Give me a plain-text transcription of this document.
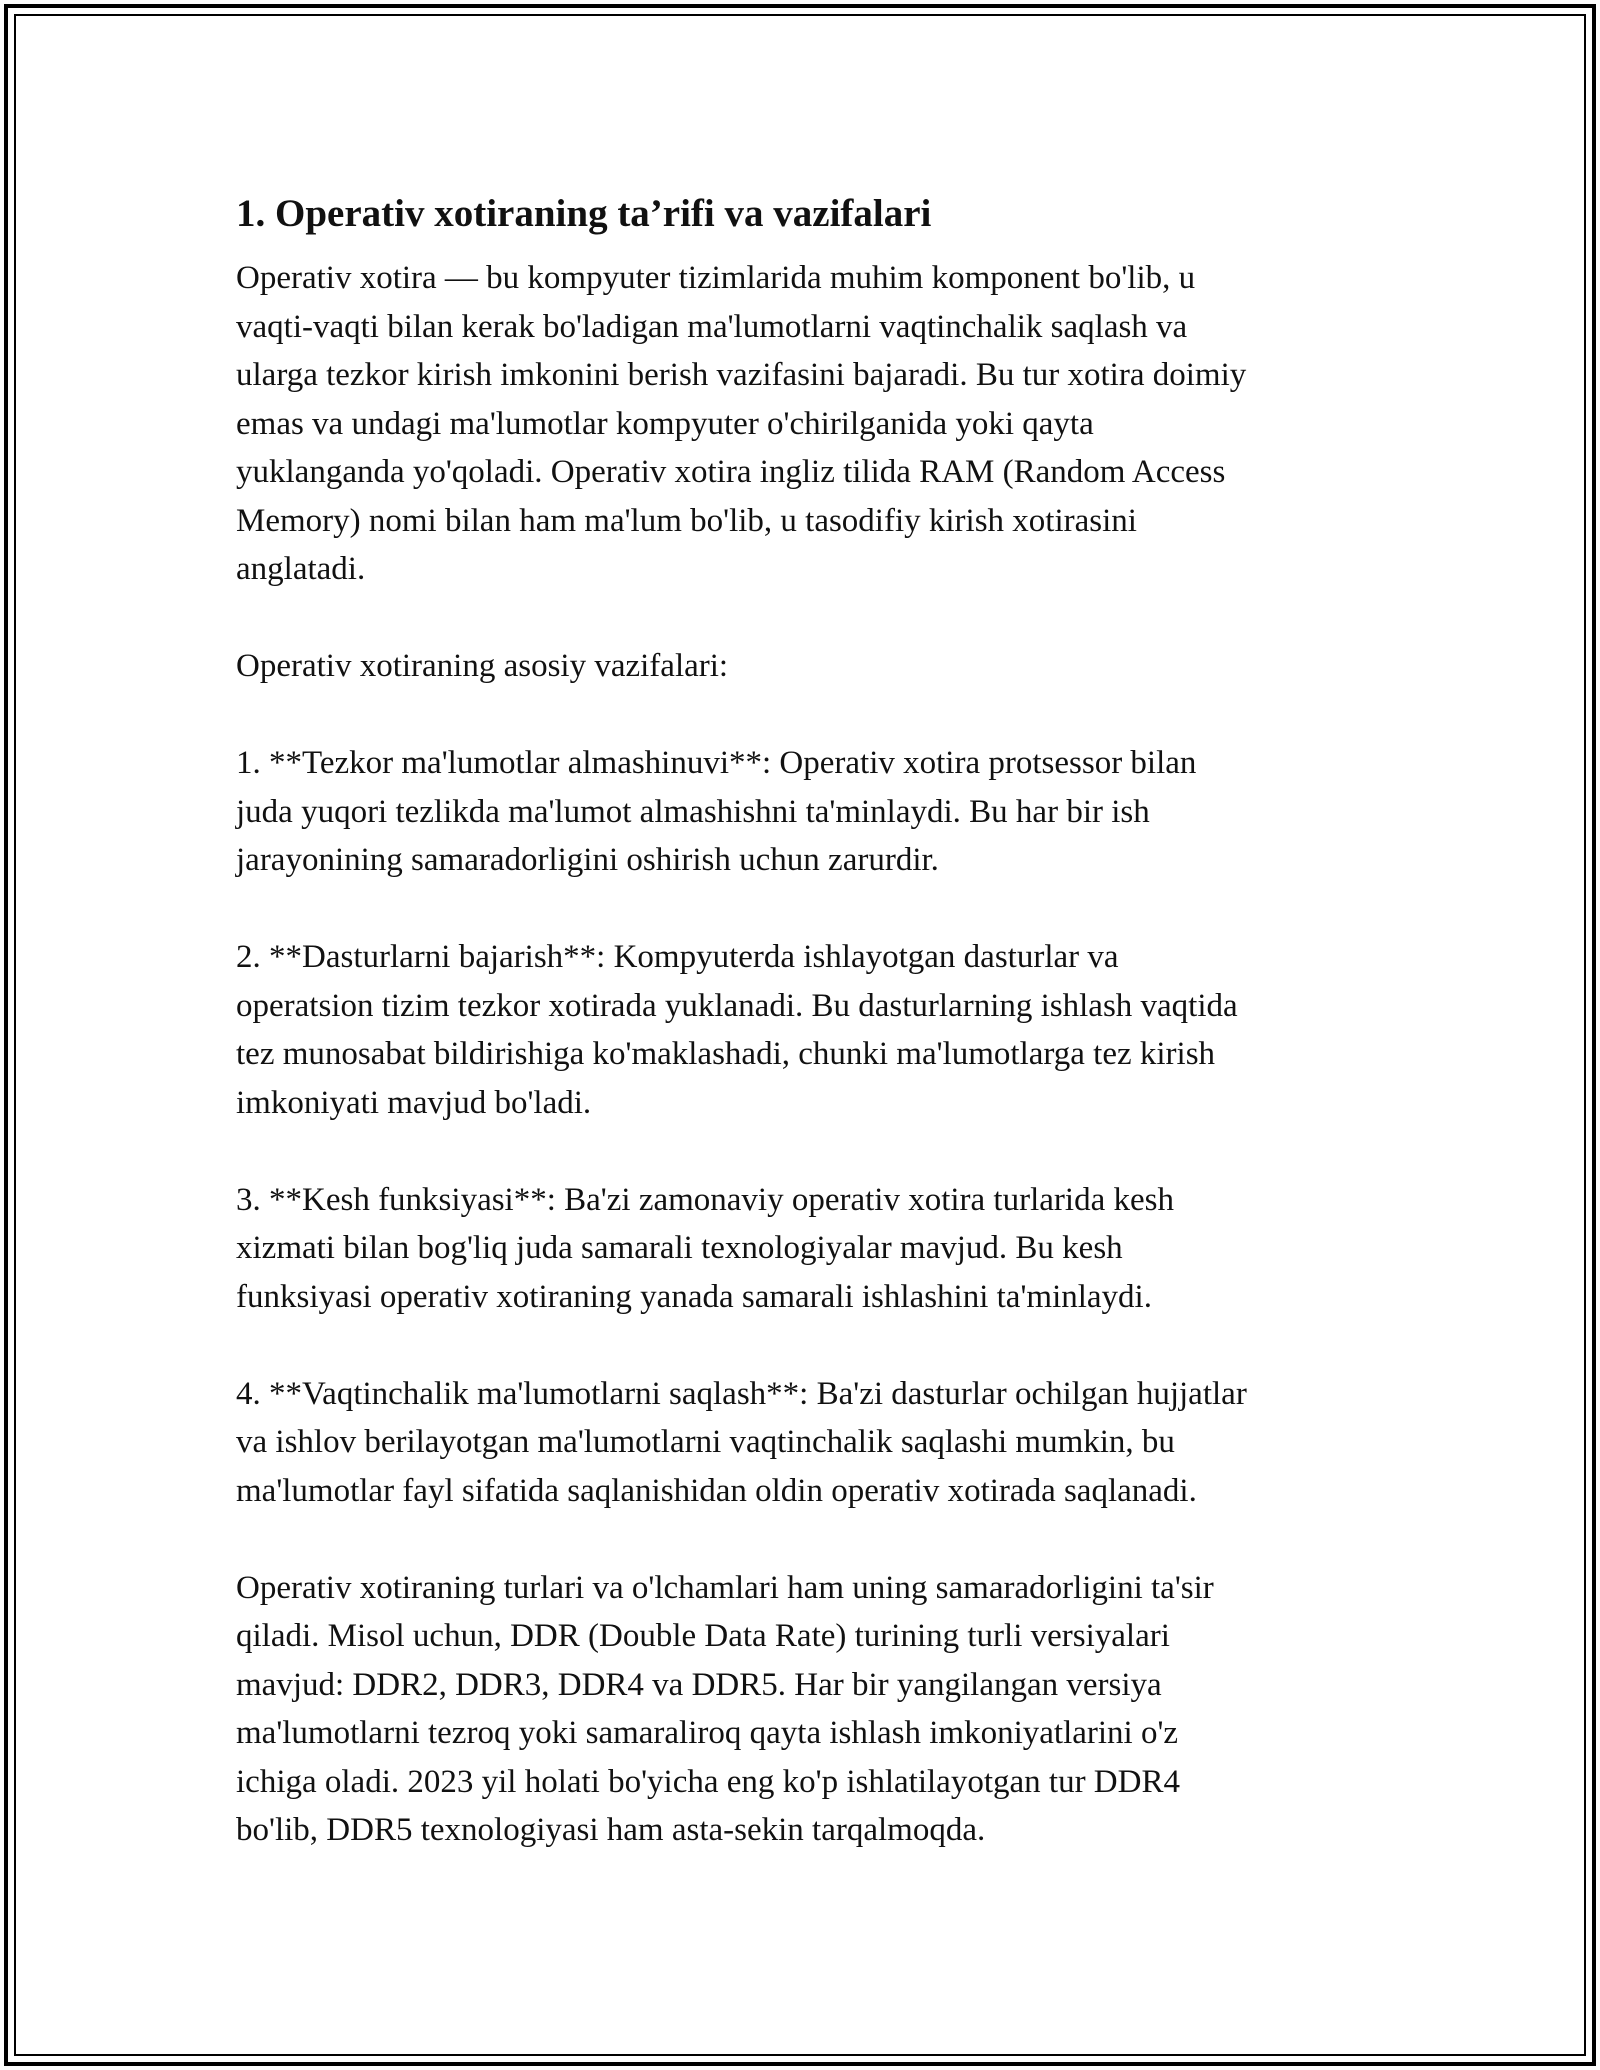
1. Operativ xotiraning ta’rifi va vazifalari

Operativ xotira — bu kompyuter tizimlarida muhim komponent bo'lib, u
vaqti-vaqti bilan kerak bo'ladigan ma'lumotlarni vaqtinchalik saqlash va
ularga tezkor kirish imkonini berish vazifasini bajaradi. Bu tur xotira doimiy
emas va undagi ma'lumotlar kompyuter o'chirilganida yoki qayta
yuklanganda yo'qoladi. Operativ xotira ingliz tilida RAM (Random Access
Memory) nomi bilan ham ma'lum bo'lib, u tasodifiy kirish xotirasini
anglatadi.

Operativ xotiraning asosiy vazifalari:

1. **Tezkor ma'lumotlar almashinuvi**: Operativ xotira protsessor bilan
juda yuqori tezlikda ma'lumot almashishni ta'minlaydi. Bu har bir ish
jarayonining samaradorligini oshirish uchun zarurdir.

2. **Dasturlarni bajarish**: Kompyuterda ishlayotgan dasturlar va
operatsion tizim tezkor xotirada yuklanadi. Bu dasturlarning ishlash vaqtida
tez munosabat bildirishiga ko'maklashadi, chunki ma'lumotlarga tez kirish
imkoniyati mavjud bo'ladi.

3. **Kesh funksiyasi**: Ba'zi zamonaviy operativ xotira turlarida kesh
xizmati bilan bog'liq juda samarali texnologiyalar mavjud. Bu kesh
funksiyasi operativ xotiraning yanada samarali ishlashini ta'minlaydi.

4. **Vaqtinchalik ma'lumotlarni saqlash**: Ba'zi dasturlar ochilgan hujjatlar
va ishlov berilayotgan ma'lumotlarni vaqtinchalik saqlashi mumkin, bu
ma'lumotlar fayl sifatida saqlanishidan oldin operativ xotirada saqlanadi.

Operativ xotiraning turlari va o'lchamlari ham uning samaradorligini ta'sir
qiladi. Misol uchun, DDR (Double Data Rate) turining turli versiyalari
mavjud: DDR2, DDR3, DDR4 va DDR5. Har bir yangilangan versiya
ma'lumotlarni tezroq yoki samaraliroq qayta ishlash imkoniyatlarini o'z
ichiga oladi. 2023 yil holati bo'yicha eng ko'p ishlatilayotgan tur DDR4
bo'lib, DDR5 texnologiyasi ham asta-sekin tarqalmoqda.
